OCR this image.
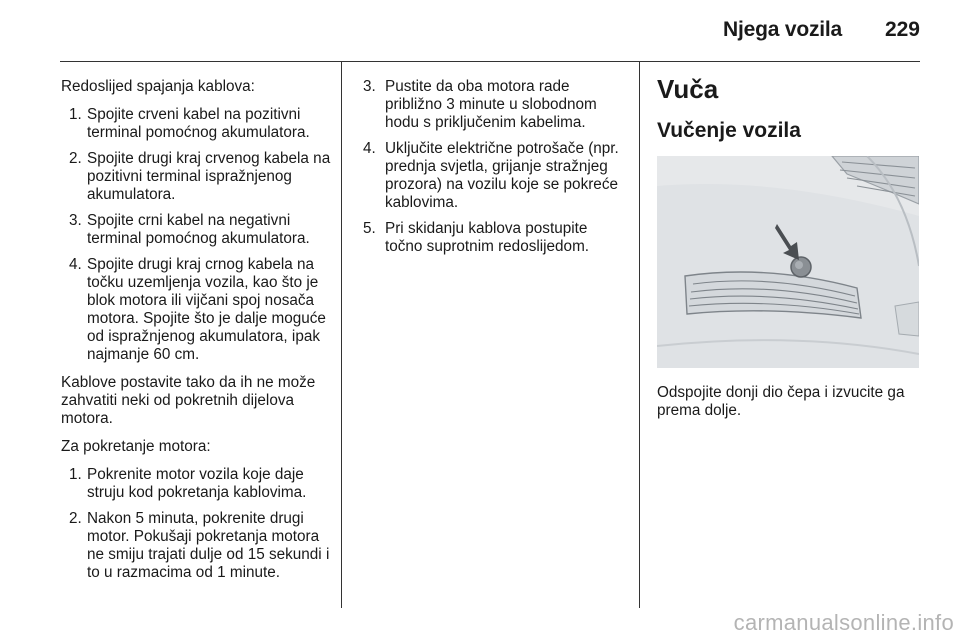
Njega vozila 229

Redoslijed spajanja kablova:

1. Spojite crveni kabel na pozitivni terminal pomoćnog akumulatora.
2. Spojite drugi kraj crvenog kabela na pozitivni terminal ispražnjenog akumulatora.
3. Spojite crni kabel na negativni terminal pomoćnog akumulatora.
4. Spojite drugi kraj crnog kabela na točku uzemljenja vozila, kao što je blok motora ili vijčani spoj nosača motora. Spojite što je dalje moguće od ispražnjenog akumulatora, ipak najmanje 60 cm.

Kablove postavite tako da ih ne može zahvatiti neki od pokretnih dijelova motora.

Za pokretanje motora:

1. Pokrenite motor vozila koje daje struju kod pokretanja kablovima.
2. Nakon 5 minuta, pokrenite drugi motor. Pokušaji pokretanja motora ne smiju trajati dulje od 15 sekundi i to u razmacima od 1 minute.
3. Pustite da oba motora rade približno 3 minute u slobodnom hodu s priključenim kabelima.
4. Uključite električne potrošače (npr. prednja svjetla, grijanje stražnjeg prozora) na vozilu koje se pokreće kablovima.
5. Pri skidanju kablova postupite točno suprotnim redoslijedom.
Vuča
Vučenje vozila

Odspojite donji dio čepa i izvucite ga prema dolje.

carmanualsonline.info
